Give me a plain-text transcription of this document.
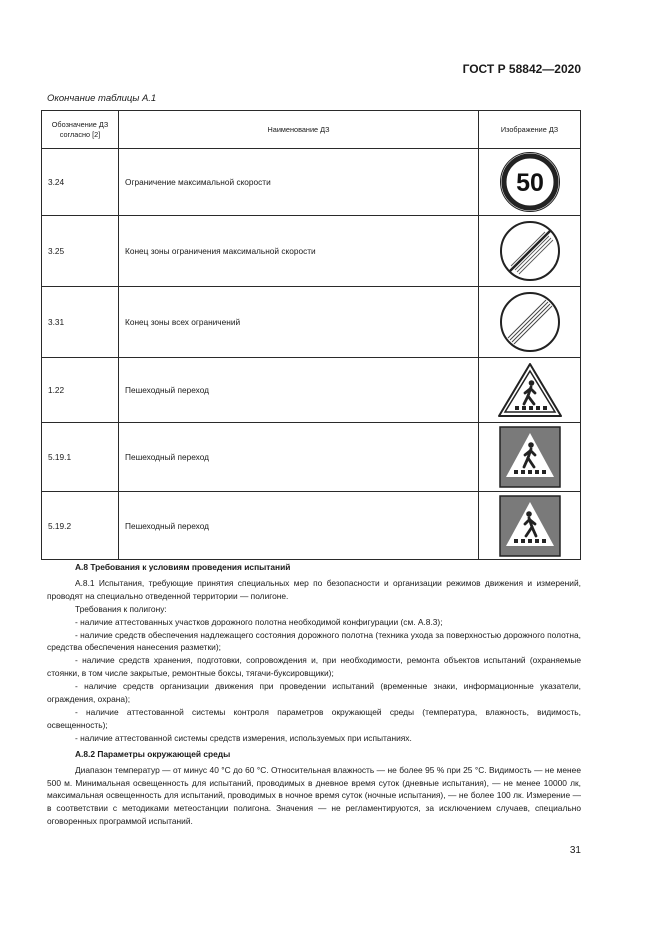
ГОСТ Р 58842—2020
Окончание таблицы А.1
Обозначение ДЗ согласно [2]	Наименование ДЗ	Изображение ДЗ
3.24	Ограничение максимальной скорости	50

3.25	Конец зоны ограничения максимальной скорости	

3.31	Конец зоны всех ограничений	

1.22	Пешеходный переход	

5.19.1	Пешеходный переход	

5.19.2	Пешеходный переход	

А.8 Требования к условиям проведения испытаний

А.8.1 Испытания, требующие принятия специальных мер по безопасности и организации режимов движения и измерений, проводят на специально отведенной территории — полигоне.

Требования к полигону:

- наличие аттестованных участков дорожного полотна необходимой конфигурации (см. А.8.3);

- наличие средств обеспечения надлежащего состояния дорожного полотна (техника ухода за поверхностью дорожного полотна, средства обеспечения нанесения разметки);

- наличие средств хранения, подготовки, сопровождения и, при необходимости, ремонта объектов испытаний (охраняемые стоянки, в том числе закрытые, ремонтные боксы, тягачи-буксировщики);

- наличие средств организации движения при проведении испытаний (временные знаки, информационные указатели, ограждения, охрана);

- наличие аттестованной системы контроля параметров окружающей среды (температура, влажность, видимость, освещенность);

- наличие аттестованной системы средств измерения, используемых при испытаниях.

А.8.2 Параметры окружающей среды

Диапазон температур — от минус 40 °С до 60 °С. Относительная влажность — не более 95 % при 25 °С. Видимость — не менее 500 м. Минимальная освещенность для испытаний, проводимых в дневное время суток (дневные испытания), — не менее 10000 лк, максимальная освещенность для испытаний, проводимых в ночное время суток (ночные испытания), — не более 100 лк. Измерение — в соответствии с методиками метеостанции полигона. Значения — не регламентируются, за исключением случаев, специально оговоренных программой испытаний.

31
